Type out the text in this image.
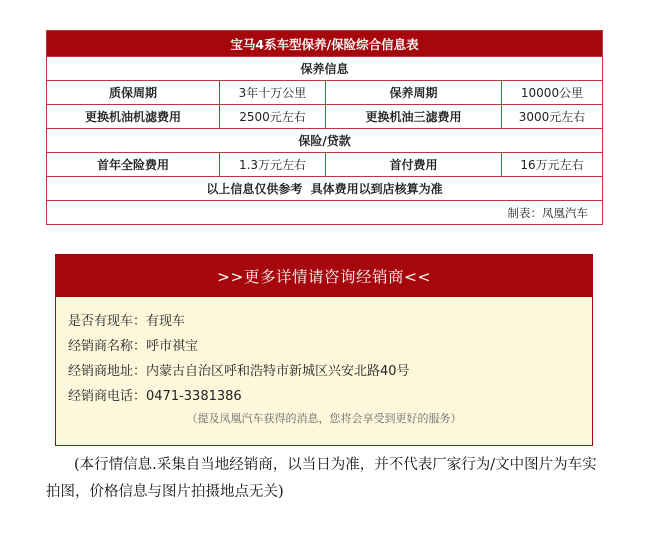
宝马4系车型保养/保险综合信息表			
保养信息			
质保周期	3年十万公里	保养周期	10000公里
更换机油机滤费用	2500元左右	更换机油三滤费用	3000元左右
保险/贷款			
首年全险费用	1.3万元左右	首付费用	16万元左右
以上信息仅供参考  具体费用以到店核算为准			
制表：凤凰汽车			
>>更多详情请咨询经销商<<
是否有现车：有现车
经销商名称：呼市祺宝
经销商地址：内蒙古自治区呼和浩特市新城区兴安北路40号
经销商电话：0471-3381386
（提及凤凰汽车获得的消息，您将会享受到更好的服务）
(本行情信息.采集自当地经销商，以当日为准，并不代表厂家行为/文中图片为车实拍图，价格信息与图片拍摄地点无关)
